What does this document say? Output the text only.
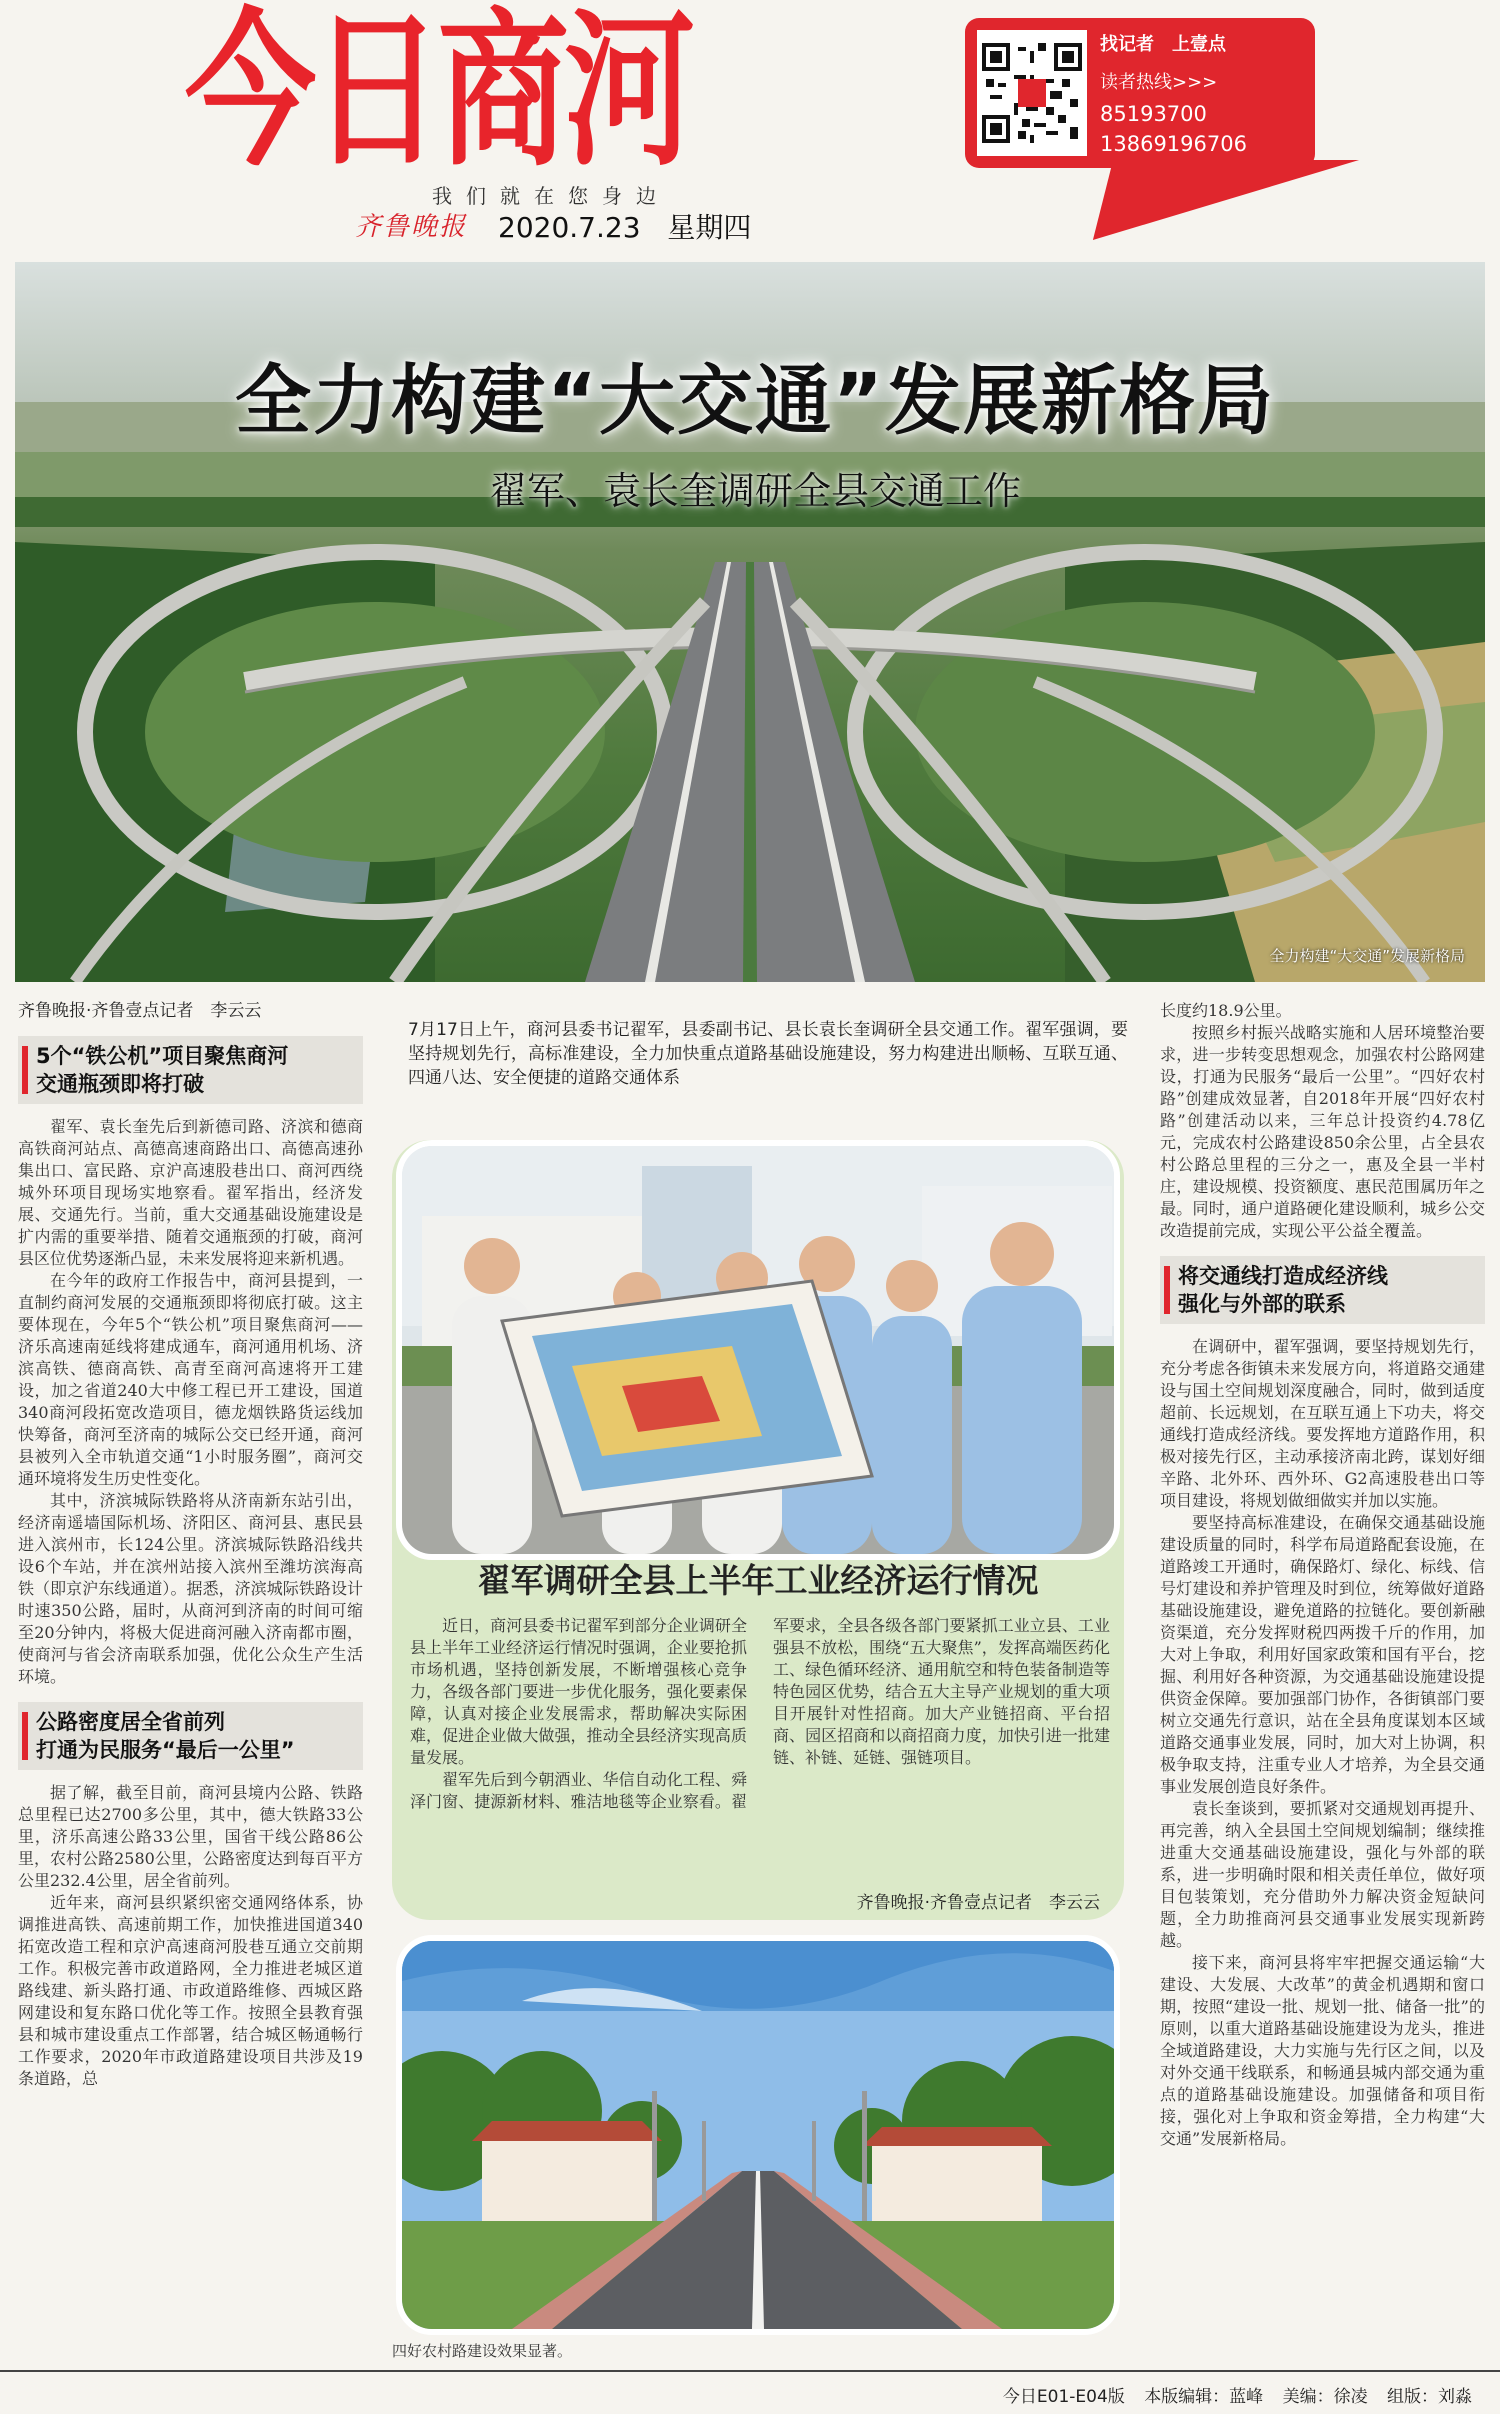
今日商河
我们就在您身边
齐鲁晚报 2020.7.23 星期四
找记者　上壹点
读者热线>>>
85193700
13869196706
全力构建“大交通”发展新格局
翟军、袁长奎调研全县交通工作
全力构建“大交通”发展新格局
齐鲁晚报·齐鲁壹点记者　李云云
5个“铁公机”项目聚焦商河
交通瓶颈即将打破

翟军、袁长奎先后到新德司路、济滨和德商高铁商河站点、高德高速商路出口、高德高速孙集出口、富民路、京沪高速股巷出口、商河西绕城外环项目现场实地察看。翟军指出，经济发展、交通先行。当前，重大交通基础设施建设是扩内需的重要举措、随着交通瓶颈的打破，商河县区位优势逐渐凸显，未来发展将迎来新机遇。

在今年的政府工作报告中，商河县提到，一直制约商河发展的交通瓶颈即将彻底打破。这主要体现在，今年5个“铁公机”项目聚焦商河——济乐高速南延线将建成通车，商河通用机场、济滨高铁、德商高铁、高青至商河高速将开工建设，加之省道240大中修工程已开工建设，国道340商河段拓宽改造项目，德龙烟铁路货运线加快筹备，商河至济南的城际公交已经开通，商河县被列入全市轨道交通“1小时服务圈”，商河交通环境将发生历史性变化。

其中，济滨城际铁路将从济南新东站引出，经济南遥墙国际机场、济阳区、商河县、惠民县进入滨州市，长124公里。济滨城际铁路沿线共设6个车站，并在滨州站接入滨州至潍坊滨海高铁（即京沪东线通道）。据悉，济滨城际铁路设计时速350公路，届时，从商河到济南的时间可缩至20分钟内，将极大促进商河融入济南都市圈，使商河与省会济南联系加强，优化公众生产生活环境。

公路密度居全省前列
打通为民服务“最后一公里”

据了解，截至目前，商河县境内公路、铁路总里程已达2700多公里，其中，德大铁路33公里，济乐高速公路33公里，国省干线公路86公里，农村公路2580公里，公路密度达到每百平方公里232.4公里，居全省前列。

近年来，商河县织紧织密交通网络体系，协调推进高铁、高速前期工作，加快推进国道340拓宽改造工程和京沪高速商河股巷互通立交前期工作。积极完善市政道路网，全力推进老城区道路线建、新头路打通、市政道路维修、西城区路网建设和复东路口优化等工作。按照全县教育强县和城市建设重点工作部署，结合城区畅通畅行工作要求，2020年市政道路建设项目共涉及19条道路，总

7月17日上午，商河县委书记翟军，县委副书记、县长袁长奎调研全县交通工作。翟军强调，要坚持规划先行，高标准建设，全力加快重点道路基础设施建设，努力构建进出顺畅、互联互通、四通八达、安全便捷的道路交通体系
翟军调研全县上半年工业经济运行情况

近日，商河县委书记翟军到部分企业调研全县上半年工业经济运行情况时强调，企业要抢抓市场机遇，坚持创新发展，不断增强核心竞争力，各级各部门要进一步优化服务，强化要素保障，认真对接企业发展需求，帮助解决实际困难，促进企业做大做强，推动全县经济实现高质量发展。

翟军先后到今朝酒业、华信自动化工程、舜泽门窗、捷源新材料、雅洁地毯等企业察看。翟军要求，全县各级各部门要紧抓工业立县、工业强县不放松，围绕“五大聚焦”，发挥高端医药化工、绿色循环经济、通用航空和特色装备制造等特色园区优势，结合五大主导产业规划的重大项目开展针对性招商。加大产业链招商、平台招商、园区招商和以商招商力度，加快引进一批建链、补链、延链、强链项目。

齐鲁晚报·齐鲁壹点记者　李云云
四好农村路建设效果显著。

长度约18.9公里。

按照乡村振兴战略实施和人居环境整治要求，进一步转变思想观念，加强农村公路网建设，打通为民服务“最后一公里”。“四好农村路”创建成效显著，自2018年开展“四好农村路”创建活动以来，三年总计投资约4.78亿元，完成农村公路建设850余公里，占全县农村公路总里程的三分之一，惠及全县一半村庄，建设规模、投资额度、惠民范围属历年之最。同时，通户道路硬化建设顺利，城乡公交改造提前完成，实现公平公益全覆盖。

将交通线打造成经济线
强化与外部的联系

在调研中，翟军强调，要坚持规划先行，充分考虑各街镇未来发展方向，将道路交通建设与国土空间规划深度融合，同时，做到适度超前、长远规划，在互联互通上下功夫，将交通线打造成经济线。要发挥地方道路作用，积极对接先行区，主动承接济南北跨，谋划好细辛路、北外环、西外环、G2高速股巷出口等项目建设，将规划做细做实并加以实施。

要坚持高标准建设，在确保交通基础设施建设质量的同时，科学布局道路配套设施，在道路竣工开通时，确保路灯、绿化、标线、信号灯建设和养护管理及时到位，统筹做好道路基础设施建设，避免道路的拉链化。要创新融资渠道，充分发挥财税四两拨千斤的作用，加大对上争取，利用好国家政策和国有平台，挖掘、利用好各种资源，为交通基础设施建设提供资金保障。要加强部门协作，各街镇部门要树立交通先行意识，站在全县角度谋划本区域道路交通事业发展，同时，加大对上协调，积极争取支持，注重专业人才培养，为全县交通事业发展创造良好条件。

袁长奎谈到，要抓紧对交通规划再提升、再完善，纳入全县国土空间规划编制；继续推进重大交通基础设施建设，强化与外部的联系，进一步明确时限和相关责任单位，做好项目包装策划，充分借助外力解决资金短缺问题，全力助推商河县交通事业发展实现新跨越。

接下来，商河县将牢牢把握交通运输“大建设、大发展、大改革”的黄金机遇期和窗口期，按照“建设一批、规划一批、储备一批”的原则，以重大道路基础设施建设为龙头，推进全域道路建设，大力实施与先行区之间，以及对外交通干线联系，和畅通县城内部交通为重点的道路基础设施建设。加强储备和项目衔接，强化对上争取和资金筹措，全力构建“大交通”发展新格局。

今日E01-E04版 本版编辑：蓝峰 美编：徐凌 组版：刘淼
